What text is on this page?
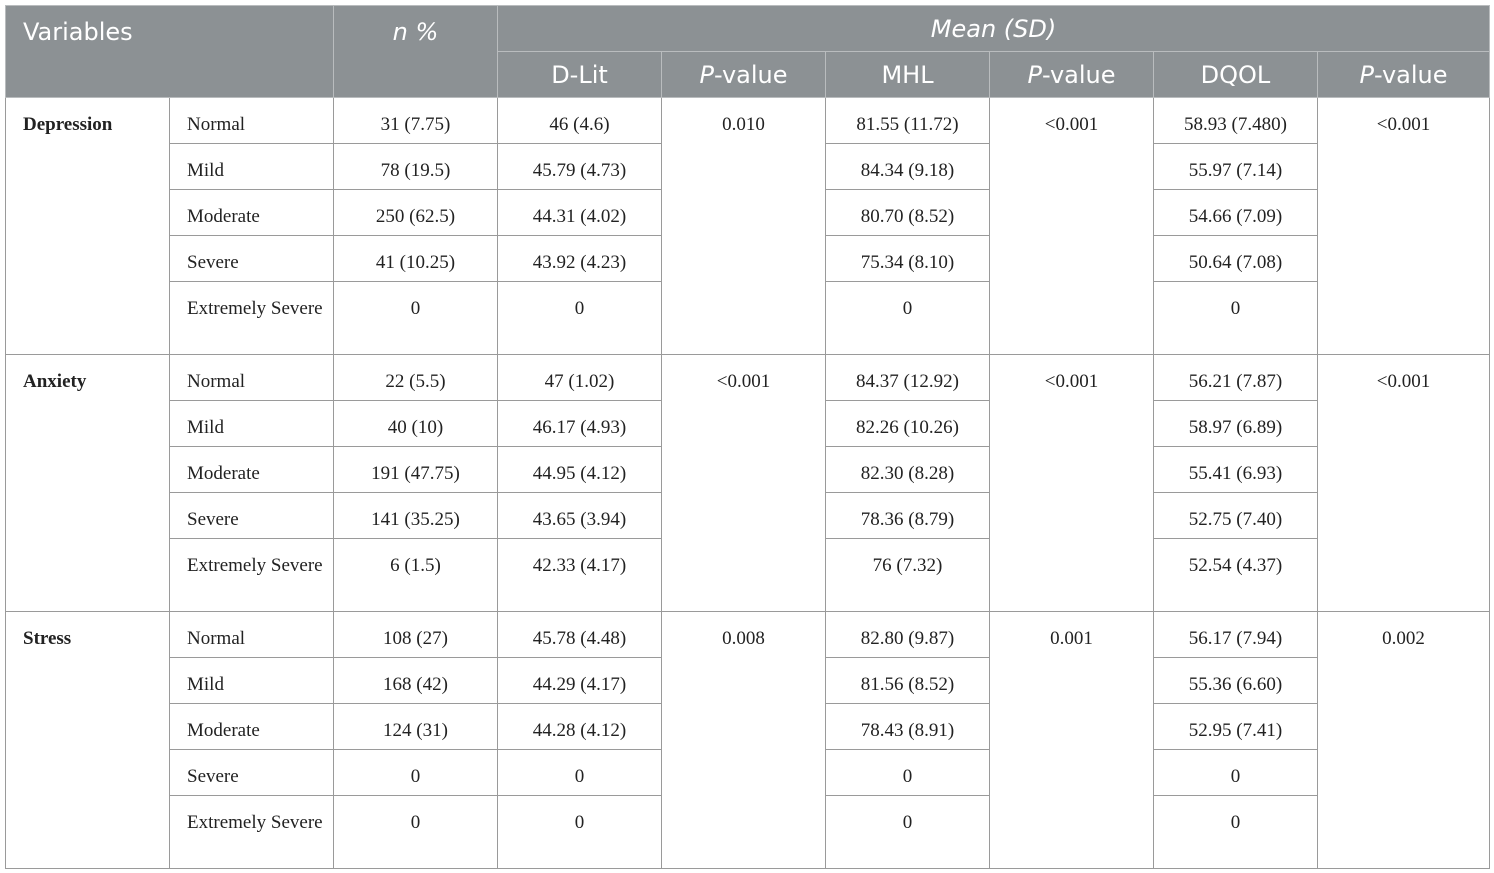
Variables		n %	Mean (SD)					
			D-Lit	P-value	MHL	P-value	DQOL	P-value
Depression	Normal	31 (7.75)	46 (4.6)	0.010	81.55 (11.72)	<0.001	58.93 (7.480)	<0.001
	Mild	78 (19.5)	45.79 (4.73)		84.34 (9.18)		55.97 (7.14)	
	Moderate	250 (62.5)	44.31 (4.02)		80.70 (8.52)		54.66 (7.09)	
	Severe	41 (10.25)	43.92 (4.23)		75.34 (8.10)		50.64 (7.08)	
	Extremely Severe	0	0		0		0	
Anxiety	Normal	22 (5.5)	47 (1.02)	<0.001	84.37 (12.92)	<0.001	56.21 (7.87)	<0.001
	Mild	40 (10)	46.17 (4.93)		82.26 (10.26)		58.97 (6.89)	
	Moderate	191 (47.75)	44.95 (4.12)		82.30 (8.28)		55.41 (6.93)	
	Severe	141 (35.25)	43.65 (3.94)		78.36 (8.79)		52.75 (7.40)	
	Extremely Severe	6 (1.5)	42.33 (4.17)		76 (7.32)		52.54 (4.37)	
Stress	Normal	108 (27)	45.78 (4.48)	0.008	82.80 (9.87)	0.001	56.17 (7.94)	0.002
	Mild	168 (42)	44.29 (4.17)		81.56 (8.52)		55.36 (6.60)	
	Moderate	124 (31)	44.28 (4.12)		78.43 (8.91)		52.95 (7.41)	
	Severe	0	0		0		0	
	Extremely Severe	0	0		0		0	
